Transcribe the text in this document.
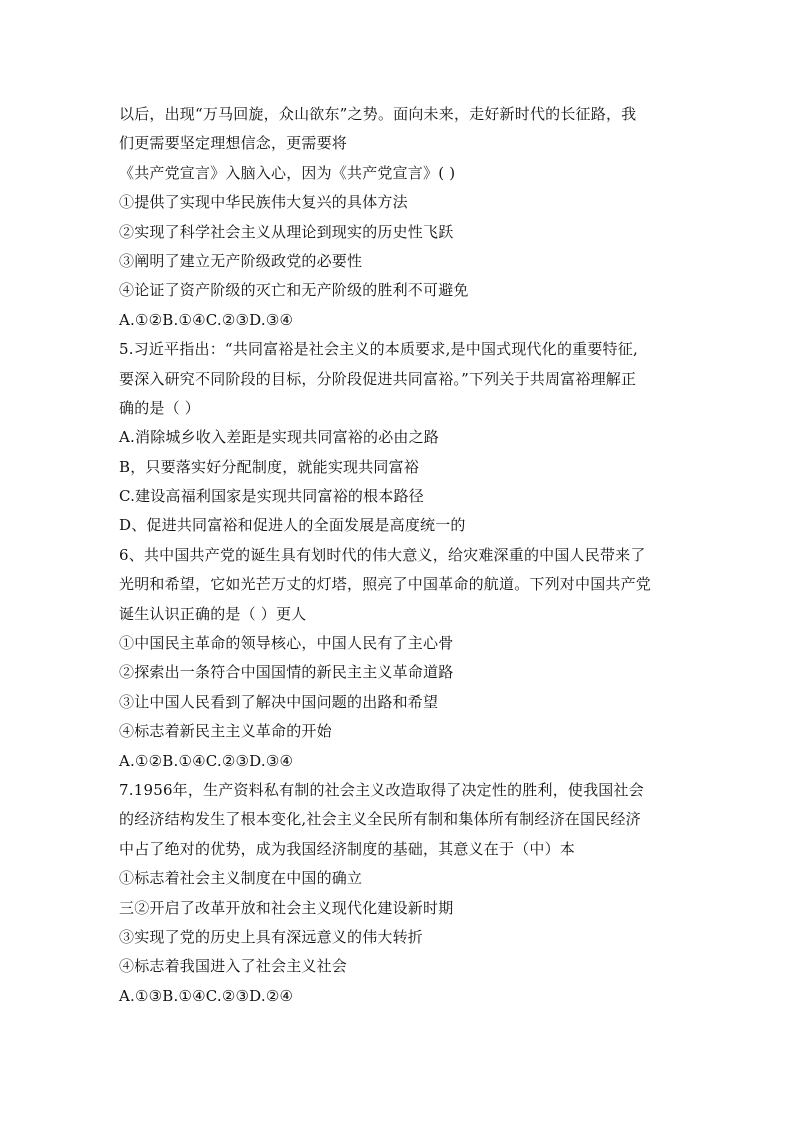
以后，出现“万马回旋，众山欲东”之势。面向未来，走好新时代的长征路，我
们更需要坚定理想信念，更需要将
《共产党宣言》入脑入心，因为《共产党宣言》( )
①提供了实现中华民族伟大复兴的具体方法
②实现了科学社会主义从理论到现实的历史性飞跃
③阐明了建立无产阶级政党的必要性
④论证了资产阶级的灭亡和无产阶级的胜利不可避免
A.①②B.①④C.②③D.③④
5.习近平指出：“共同富裕是社会主义的本质要求,是中国式现代化的重要特征,
要深入研究不同阶段的目标，分阶段促进共同富裕。”下列关于共周富裕理解正
确的是（ ）
A.消除城乡收入差距是实现共同富裕的必由之路
B，只要落实好分配制度，就能实现共同富裕
C.建设高福利国家是实现共同富裕的根本路径
D、促进共同富裕和促进人的全面发展是高度统一的
6、共中国共产党的诞生具有划时代的伟大意义，给灾难深重的中国人民带来了
光明和希望，它如光芒万丈的灯塔，照亮了中国革命的航道。下列对中国共产党
诞生认识正确的是（ ）更人
①中国民主革命的领导核心，中国人民有了主心骨
②探索出一条符合中国国情的新民主主义革命道路
③让中国人民看到了解决中国问题的出路和希望
④标志着新民主主义革命的开始
A.①②B.①④C.②③D.③④
7.1956年，生产资料私有制的社会主义改造取得了决定性的胜利，使我国社会
的经济结构发生了根本变化,社会主义全民所有制和集体所有制经济在国民经济
中占了绝对的优势，成为我国经济制度的基础，其意义在于（中）本
①标志着社会主义制度在中国的确立
三②开启了改革开放和社会主义现代化建设新时期
③实现了党的历史上具有深远意义的伟大转折
④标志着我国进入了社会主义社会
A.①③B.①④C.②③D.②④
